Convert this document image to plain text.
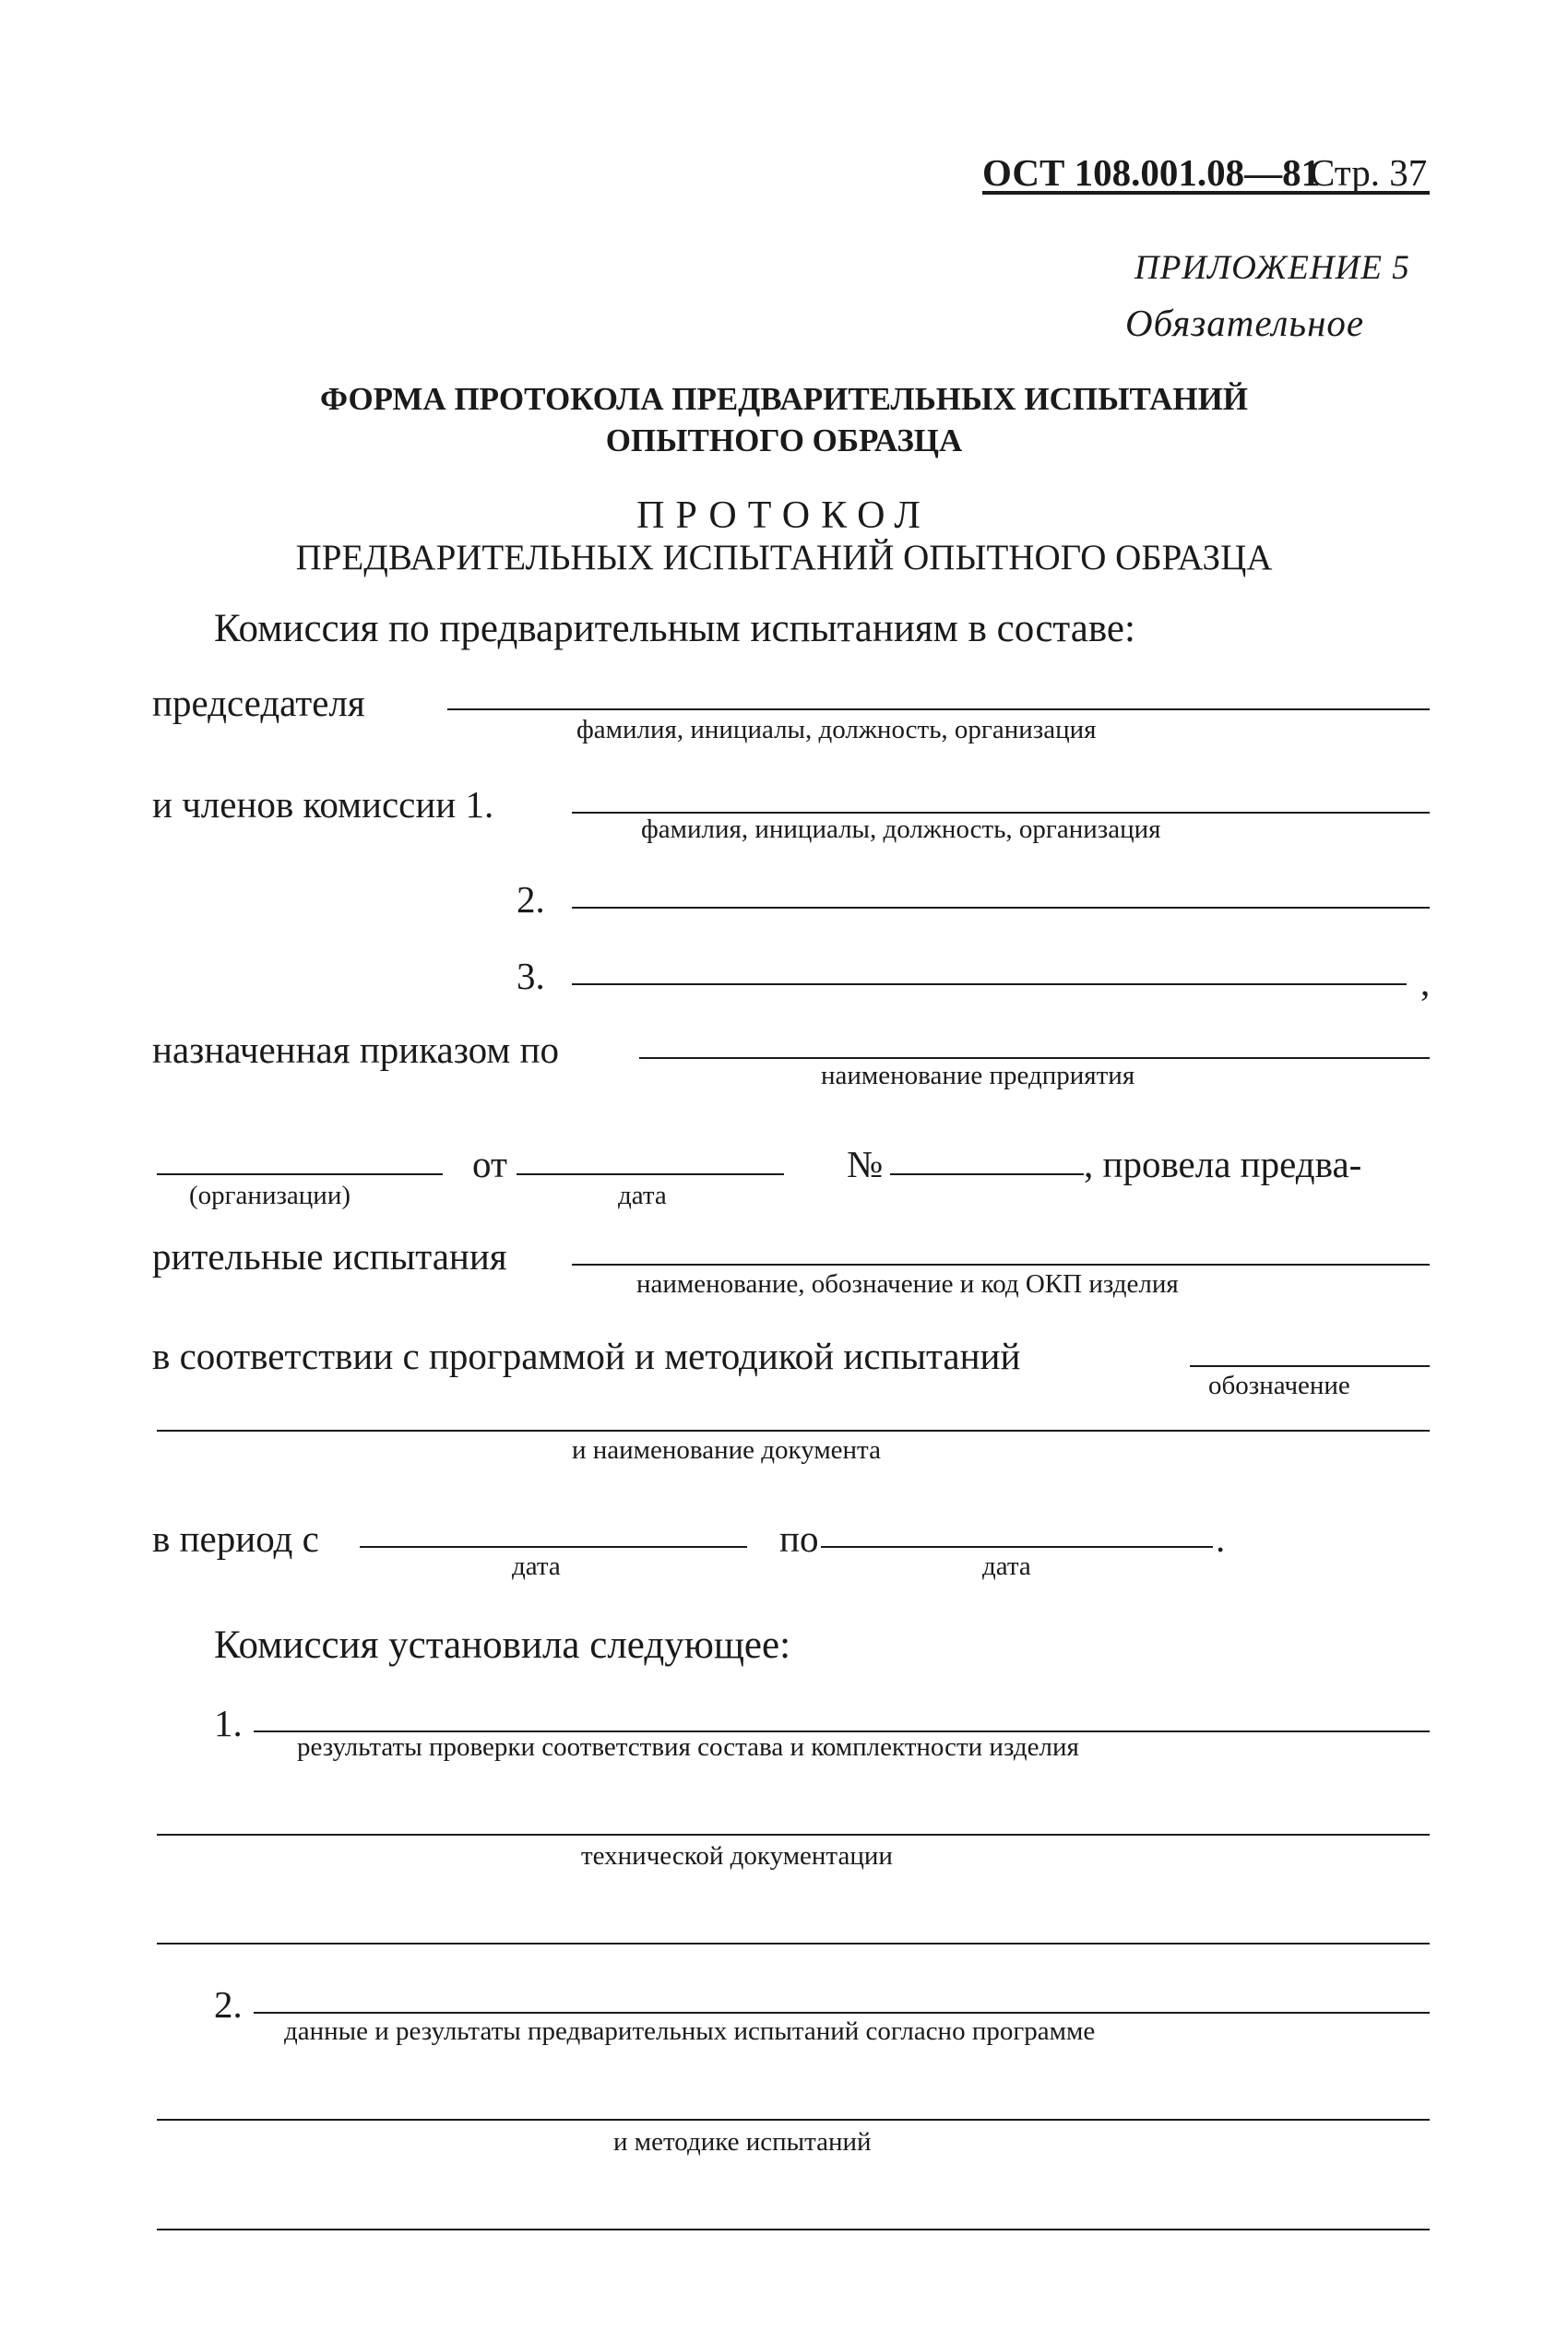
ОСТ 108.001.08—81
Стр. 37
ПРИЛОЖЕНИЕ 5
Обязательное
ФОРМА ПРОТОКОЛА ПРЕДВАРИТЕЛЬНЫХ ИСПЫТАНИЙ
ОПЫТНОГО ОБРАЗЦА
ПРОТОКОЛ
ПРЕДВАРИТЕЛЬНЫХ ИСПЫТАНИЙ ОПЫТНОГО ОБРАЗЦА
Комиссия по предварительным испытаниям в составе:
председателя
фамилия, инициалы, должность, организация
и членов комиссии 1.
фамилия, инициалы, должность, организация
2.
3.	,
назначенная приказом по
наименование предприятия
(организации)
от
дата
№	, провела предва-
рительные испытания
наименование, обозначение и код ОКП изделия
в соответствии с программой и методикой испытаний
обозначение
и наименование документа
в период с
дата
по
дата
.
Комиссия установила следующее:
1.
результаты проверки соответствия состава и комплектности изделия
технической документации
2.
данные и результаты предварительных испытаний согласно программе
и методике испытаний
